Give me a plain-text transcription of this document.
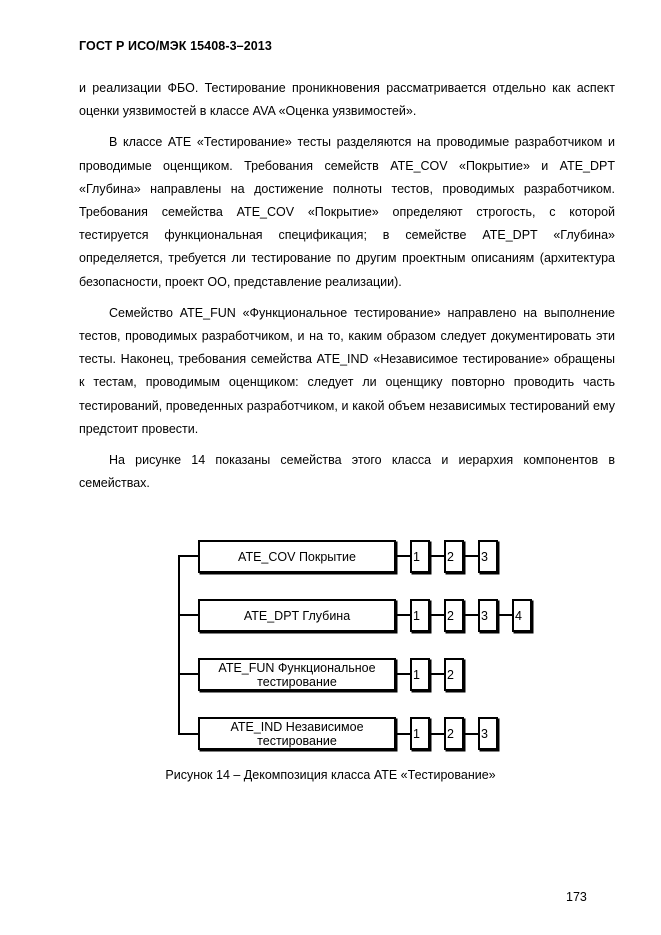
ГОСТ Р ИСО/МЭК 15408-3–2013

и реализации ФБО. Тестирование проникновения рассматривается отдельно как аспект оценки уязвимостей в классе AVA «Оценка уязвимостей».

В классе ATE «Тестирование» тесты разделяются на проводимые разработчиком и проводимые оценщиком. Требования семейств ATE_COV «Покрытие» и ATE_DPT «Глубина» направлены на достижение полноты тестов, проводимых разработчиком. Требования семейства ATE_COV «Покрытие» определяют строгость, с которой тестируется функциональная спецификация; в семействе ATE_DPT «Глубина» определяется, требуется ли тестирование по другим проектным описаниям (архитектура безопасности, проект ОО, представление реализации).

Семейство ATE_FUN «Функциональное тестирование» направлено на выполнение тестов, проводимых разработчиком, и на то, каким образом следует документировать эти тесты. Наконец, требования семейства ATE_IND «Независимое тестирование» обращены к тестам, проводимым оценщиком: следует ли оценщику повторно проводить часть тестирований, проведенных разработчиком, и какой объем независимых тестирований ему предстоит провести.

На рисунке 14 показаны семейства этого класса и иерархия компонентов в семействах.

ATE_COV Покрытие	1	2	3
ATE_DPT Глубина	1	2	3	4
ATE_FUN Функциональное тестирование	1	2
ATE_IND Независимое тестирование	1	2	3
Рисунок 14 – Декомпозиция класса ATE «Тестирование»
173
